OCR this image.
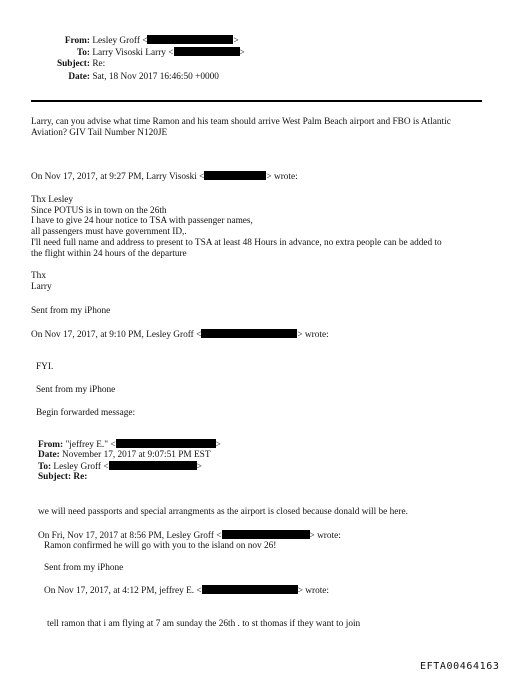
From: Lesley Groff <	>
To: Larry Visoski Larry <	>
Subject: Re:
Date: Sat, 18 Nov 2017 16:46:50 +0000
Larry, can you advise what time Ramon and his team should arrive West Palm Beach airport and FBO is Atlantic
Aviation? GIV Tail Number N120JE
On Nov 17, 2017, at 9:27 PM, Larry Visoski <	> wrote:
Thx Lesley
Since POTUS is in town on the 26th
I have to give 24 hour notice to TSA with passenger names,
all passengers must have government ID,.
I'll need full name and address to present to TSA at least 48 Hours in advance, no extra people can be added to
the flight within 24 hours of the departure
Thx
Larry
Sent from my iPhone
On Nov 17, 2017, at 9:10 PM, Lesley Groff <	> wrote:
FYI.
Sent from my iPhone
Begin forwarded message:
From: "jeffrey E." <	>
Date: November 17, 2017 at 9:07:51 PM EST
To: Lesley Groff <	>
Subject: Re:
we will need passports and special arrangments as the airport is closed because donald will be here.
On Fri, Nov 17, 2017 at 8:56 PM, Lesley Groff <	> wrote:
Ramon confirmed he will go with you to the island on nov 26!
Sent from my iPhone
On Nov 17, 2017, at 4:12 PM, jeffrey E. <	> wrote:
tell ramon that i am flying at 7 am sunday the 26th . to st thomas if they want to join
EFTA00464163
